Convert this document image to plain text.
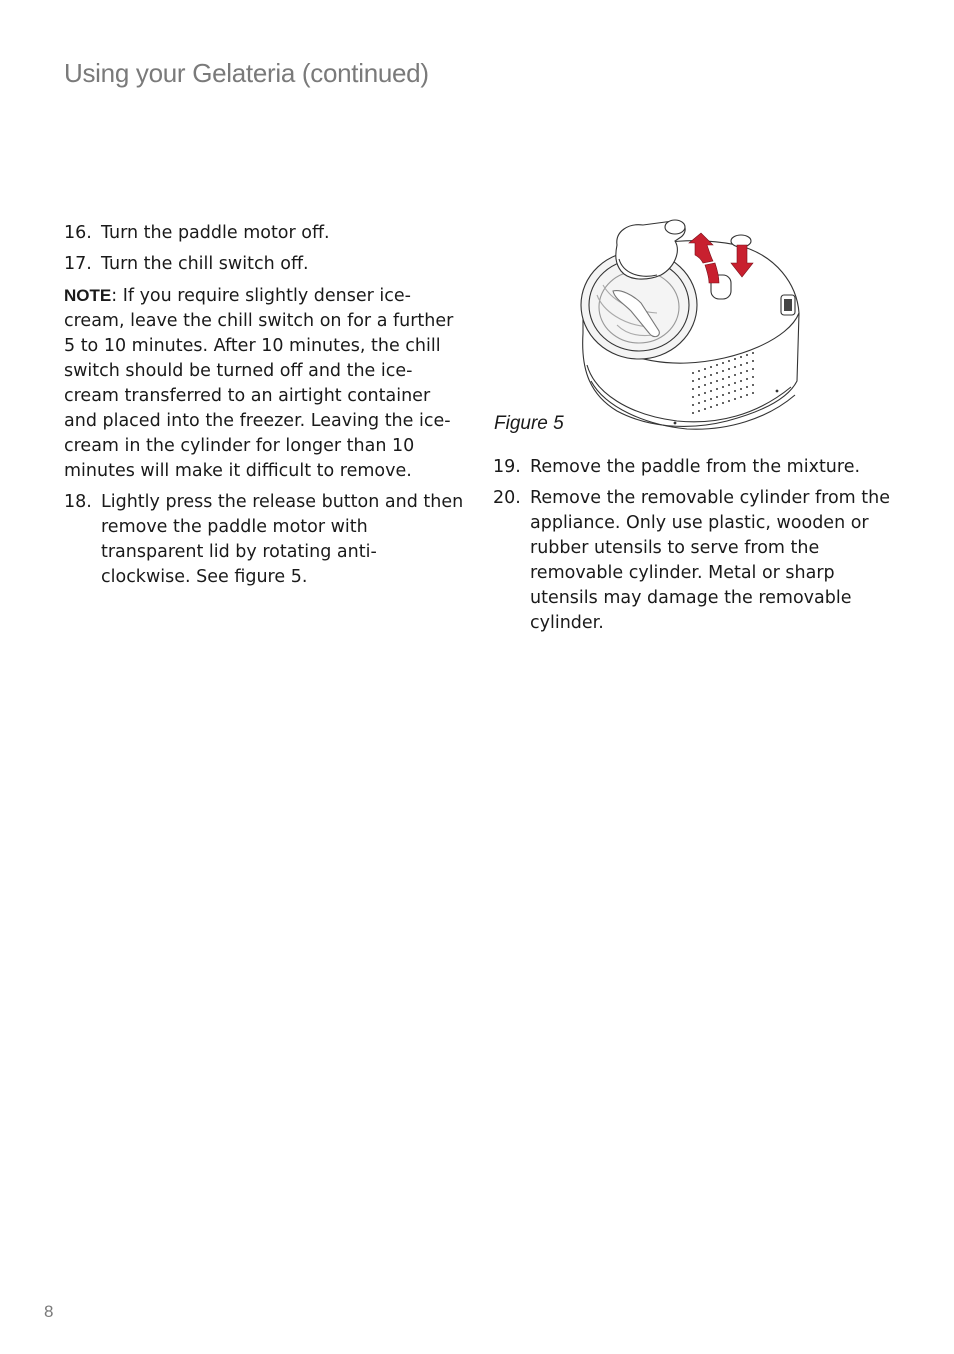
Using your Gelateria (continued)
16. Turn the paddle motor off.
17. Turn the chill switch off.

NOTE: If you require slightly denser ice-cream, leave the chill switch on for a further 5 to 10 minutes. After 10 minutes, the chill switch should be turned off and the ice-cream transferred to an airtight container and placed into the freezer. Leaving the ice-cream in the cylinder for longer than 10 minutes will make it difficult to remove.

18. Lightly press the release button and then remove the paddle motor with transparent lid by rotating anti-clockwise. See figure 5.
Figure 5
19. Remove the paddle from the mixture.
20. Remove the removable cylinder from the appliance. Only use plastic, wooden or rubber utensils to serve from the removable cylinder. Metal or sharp utensils may damage the removable cylinder.
8
